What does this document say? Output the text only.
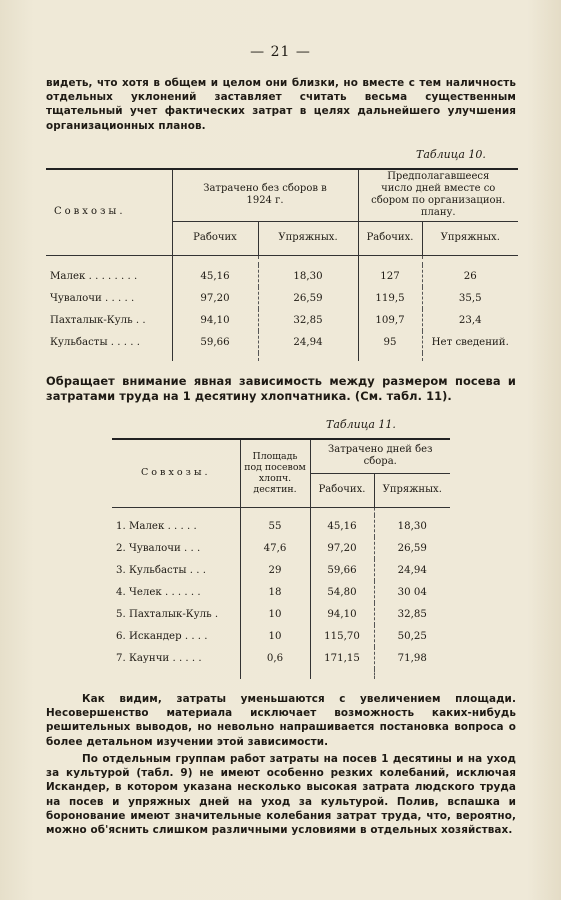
— 21 —
видеть, что хотя в общем и целом они близки, но вместе с тем наличность отдельных уклонений заставляет считать весьма существенным тщательный учет фактических затрат в целях дальнейшего улучшения организационных планов.
Таблица 10.
Совхозы.	Затрачено без сборов в 1924 г.		Предполагавшееся число дней вместе со сбором по организацион. плану.	
	Рабочих	Упряжных.	Рабочих.	Упряжных.

Малек . . . . . . . .	45,16	18,30	127	26
Чувалочи . . . . .	97,20	26,59	119,5	35,5
Пахталык-Куль . .	94,10	32,85	109,7	23,4
Кульбасты . . . . .	59,66	24,94	95	Нет сведений.

Обращает внимание явная зависимость между размером посева и затратами труда на 1 десятину хлопчатника. (См. табл. 11).
Таблица 11.
Совхозы.	Площадь под посевом хлопч. десятин.	Затрачено дней без сбора.	
		Рабочих.	Упряжных.

1. Малек . . . . .	55	45,16	18,30
2. Чувалочи . . .	47,6	97,20	26,59
3. Кульбасты . . .	29	59,66	24,94
4. Челек . . . . . .	18	54,80	30 04
5. Пахталык-Куль .	10	94,10	32,85
6. Искандер . . . .	10	115,70	50,25
7. Каунчи . . . . .	0,6	171,15	71,98

Как видим, затраты уменьшаются с увеличением площади. Несовершенство материала исключает возможность каких-нибудь решительных выводов, но невольно напрашивается постановка вопроса о более детальном изучении этой зависимости.
По отдельным группам работ затраты на посев 1 десятины и на уход за культурой (табл. 9) не имеют особенно резких колебаний, исключая Искандер, в котором указана несколько высокая затрата людского труда на посев и упряжных дней на уход за культурой. Полив, вспашка и боронование имеют значительные колебания затрат труда, что, вероятно, можно об'яснить слишком различными условиями в отдельных хозяйствах.
